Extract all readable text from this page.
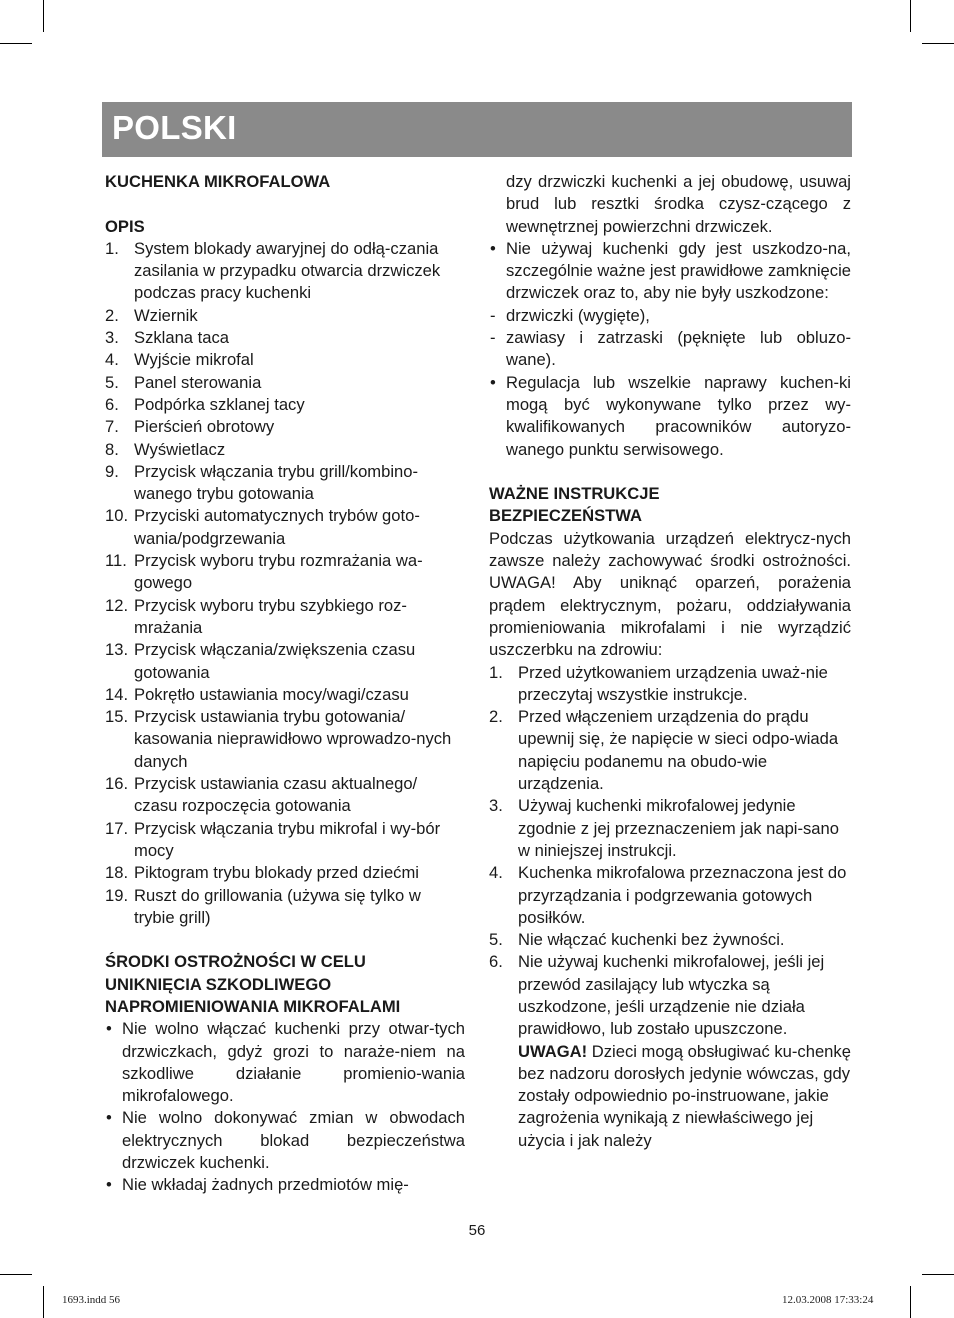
POLSKI
KUCHENKA MIKROFALOWA
OPIS
1. System blokady awaryjnej do odłą-czania zasilania w przypadku otwarcia drzwiczek podczas pracy kuchenki
2. Wziernik
3. Szklana taca
4. Wyjście mikrofal
5. Panel sterowania
6. Podpórka szklanej tacy
7. Pierścień obrotowy
8. Wyświetlacz
9. Przycisk włączania trybu grill/kombino-wanego trybu gotowania
10. Przyciski automatycznych trybów goto-wania/podgrzewania
11. Przycisk wyboru trybu rozmrażania wa-gowego
12. Przycisk wyboru trybu szybkiego roz-mrażania
13. Przycisk włączania/zwiększenia czasu gotowania
14. Pokrętło ustawiania mocy/wagi/czasu
15. Przycisk ustawiania trybu gotowania/ kasowania nieprawidłowo wprowadzo-nych danych
16. Przycisk ustawiania czasu aktualnego/ czasu rozpoczęcia gotowania
17. Przycisk włączania trybu mikrofal i wy-bór mocy
18. Piktogram trybu blokady przed dziećmi
19. Ruszt do grillowania (używa się tylko w trybie grill)
ŚRODKI OSTROŻNOŚCI W CELU
UNIKNIĘCIA SZKODLIWEGO
NAPROMIENIOWANIA MIKROFALAMI
• Nie wolno włączać kuchenki przy otwar-tych drzwiczkach, gdyż grozi to naraże-niem na szkodliwe działanie promienio-wania mikrofalowego.
• Nie wolno dokonywać zmian w obwodach elektrycznych blokad bezpieczeństwa drzwiczek kuchenki.
• Nie wkładaj żadnych przedmiotów mię-
dzy drzwiczki kuchenki a jej obudowę, usuwaj brud lub resztki środka czysz-czącego z wewnętrznej powierzchni drzwiczek.
• Nie używaj kuchenki gdy jest uszkodzo-na, szczególnie ważne jest prawidłowe zamknięcie drzwiczek oraz to, aby nie były uszkodzone:
- drzwiczki (wygięte),
- zawiasy i zatrzaski (pęknięte lub obluzo-wane).
• Regulacja lub wszelkie naprawy kuchen-ki mogą być wykonywane tylko przez wy-kwalifikowanych pracowników autoryzo-wanego punktu serwisowego.
WAŻNE INSTRUKCJE
BEZPIECZEŃSTWA

Podczas użytkowania urządzeń elektrycz-nych zawsze należy zachowywać środki ostrożności. UWAGA! Aby uniknąć oparzeń, porażenia prądem elektrycznym, pożaru, oddziaływania promieniowania mikrofalami i nie wyrządzić uszczerbku na zdrowiu:

1. Przed użytkowaniem urządzenia uważ-nie przeczytaj wszystkie instrukcje.
2. Przed włączeniem urządzenia do prądu upewnij się, że napięcie w sieci odpo-wiada napięciu podanemu na obudo-wie urządzenia.
3. Używaj kuchenki mikrofalowej jedynie zgodnie z jej przeznaczeniem jak napi-sano w niniejszej instrukcji.
4. Kuchenka mikrofalowa przeznaczona jest do przyrządzania i podgrzewania gotowych posiłków.
5. Nie włączać kuchenki bez żywności.
6. Nie używaj kuchenki mikrofalowej, jeśli jej przewód zasilający lub wtyczka są uszkodzone, jeśli urządzenie nie działa prawidłowo, lub zostało upuszczone.
UWAGA! Dzieci mogą obsługiwać ku-chenkę bez nadzoru dorosłych jedynie wówczas, gdy zostały odpowiednio po-instruowane, jakie zagrożenia wynikają z niewłaściwego jej użycia i jak należy
56
1693.indd 56	12.03.2008 17:33:24
